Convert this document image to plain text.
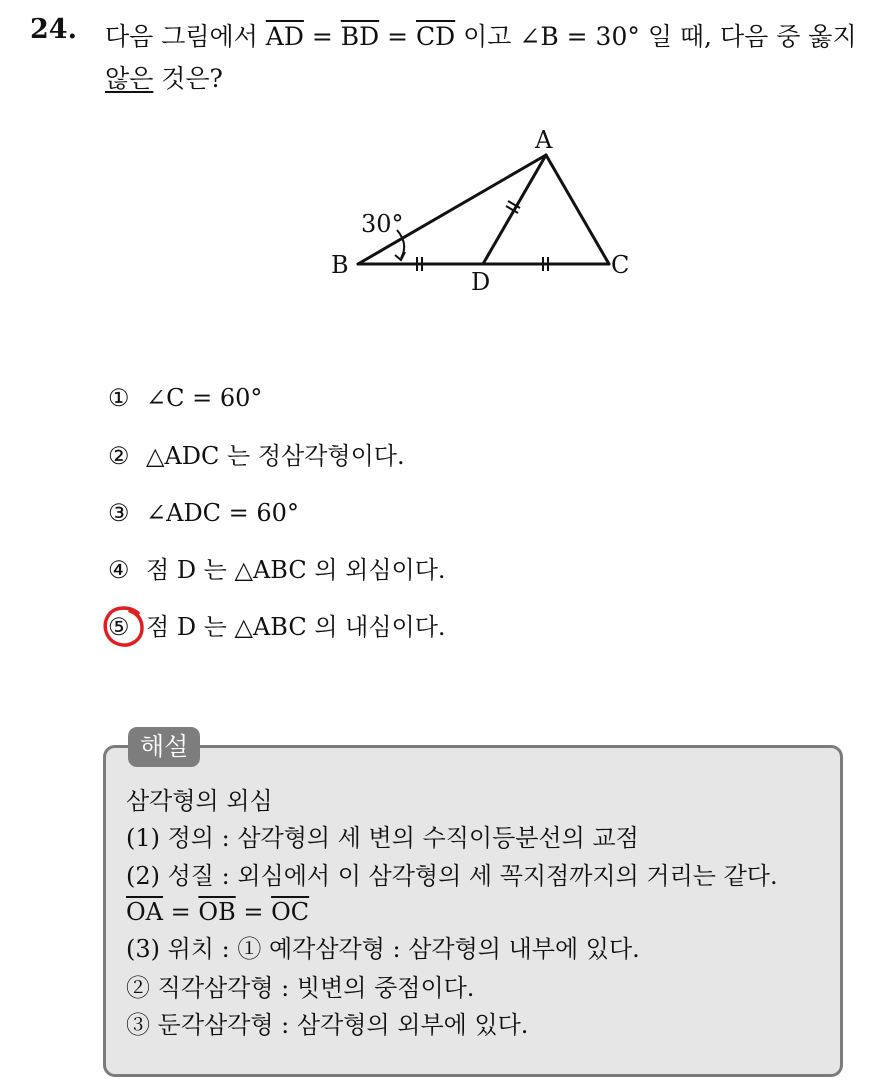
24. 다음 그림에서 $\overline{AD} = \overline{BD} = \overline{CD}$ 이고 ∠B = 30° 일 때, 다음 중 옳지
않은 것은?
A
B	C
D
30°
① ∠C = 60°
② △ADC 는 정삼각형이다.
③ ∠ADC = 60°
④ 점 D 는 △ABC 의 외심이다.
⑤ 점 D 는 △ABC 의 내심이다.
해설
삼각형의 외심
(1) 정의 : 삼각형의 세 변의 수직이등분선의 교점
(2) 성질 : 외심에서 이 삼각형의 세 꼭지점까지의 거리는 같다.
$\overline{OA} = \overline{OB} = \overline{OC}$
(3) 위치 : ① 예각삼각형 : 삼각형의 내부에 있다.
② 직각삼각형 : 빗변의 중점이다.
③ 둔각삼각형 : 삼각형의 외부에 있다.
